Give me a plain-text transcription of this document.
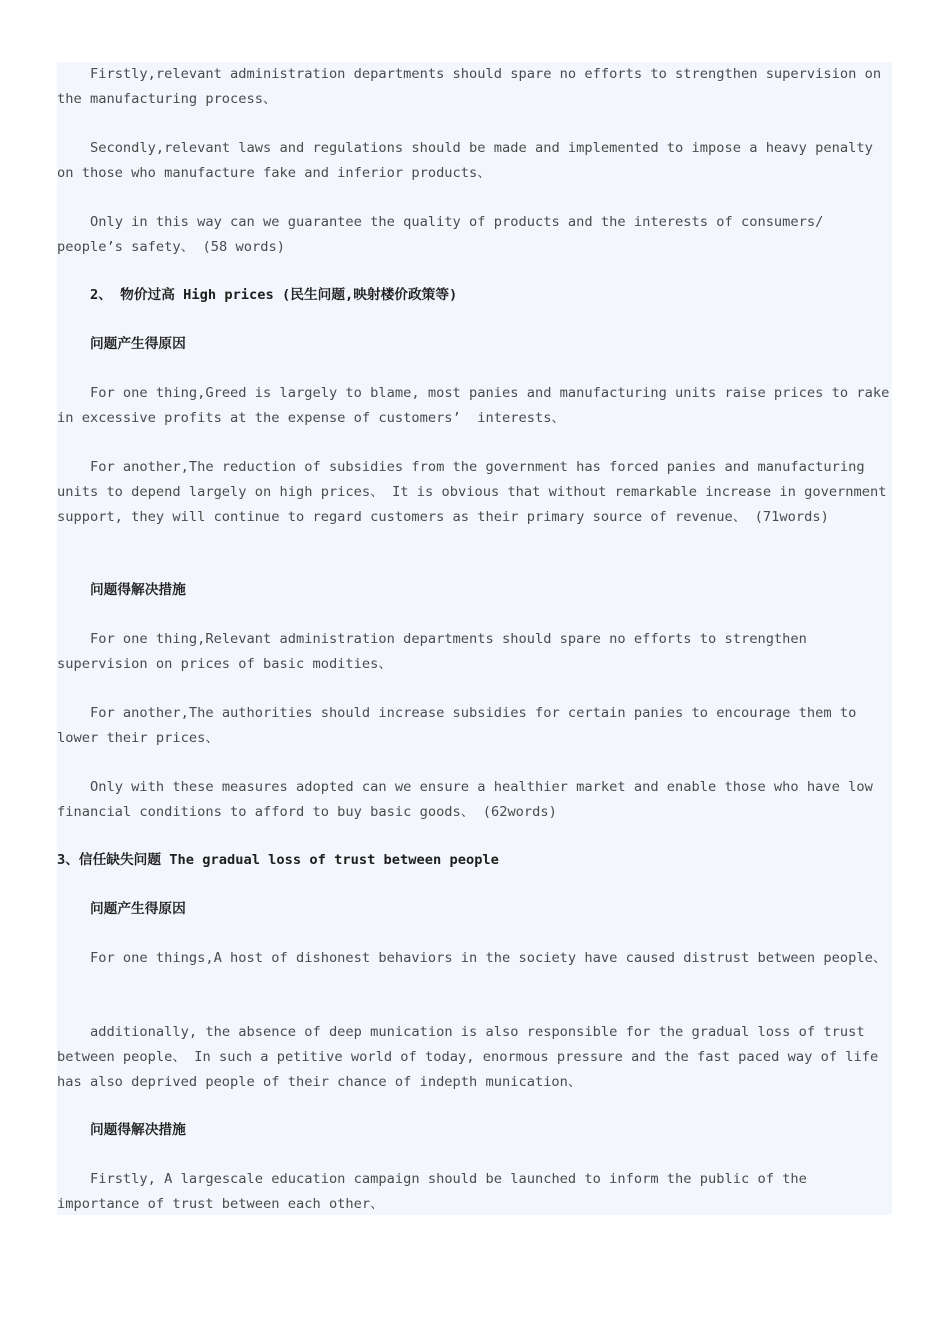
Firstly,relevant administration departments should spare no efforts to strengthen supervision on the manufacturing process、

Secondly,relevant laws and regulations should be made and implemented to impose a heavy penalty on those who manufacture fake and inferior products、

Only in this way can we guarantee the quality of products and the interests of consumers/ people’s safety、 (58 words)

2、 物价过高 High prices (民生问题,映射楼价政策等)

问题产生得原因

For one thing,Greed is largely to blame, most panies and manufacturing units raise prices to rake in excessive profits at the expense of customers’  interests、

For another,The reduction of subsidies from the government has forced panies and manufacturing units to depend largely on high prices、 It is obvious that without remarkable increase in government support, they will continue to regard customers as their primary source of revenue、 (71words)

问题得解决措施

For one thing,Relevant administration departments should spare no efforts to strengthen supervision on prices of basic modities、

For another,The authorities should increase subsidies for certain panies to encourage them to lower their prices、

Only with these measures adopted can we ensure a healthier market and enable those who have low financial conditions to afford to buy basic goods、 (62words)

3、信任缺失问题 The gradual loss of trust between people

问题产生得原因

For one things,A host of dishonest behaviors in the society have caused distrust between people、

additionally, the absence of deep munication is also responsible for the gradual loss of trust between people、 In such a petitive world of today, enormous pressure and the fast paced way of life has also deprived people of their chance of indepth munication、

问题得解决措施

Firstly, A largescale education campaign should be launched to inform the public of the importance of trust between each other、
